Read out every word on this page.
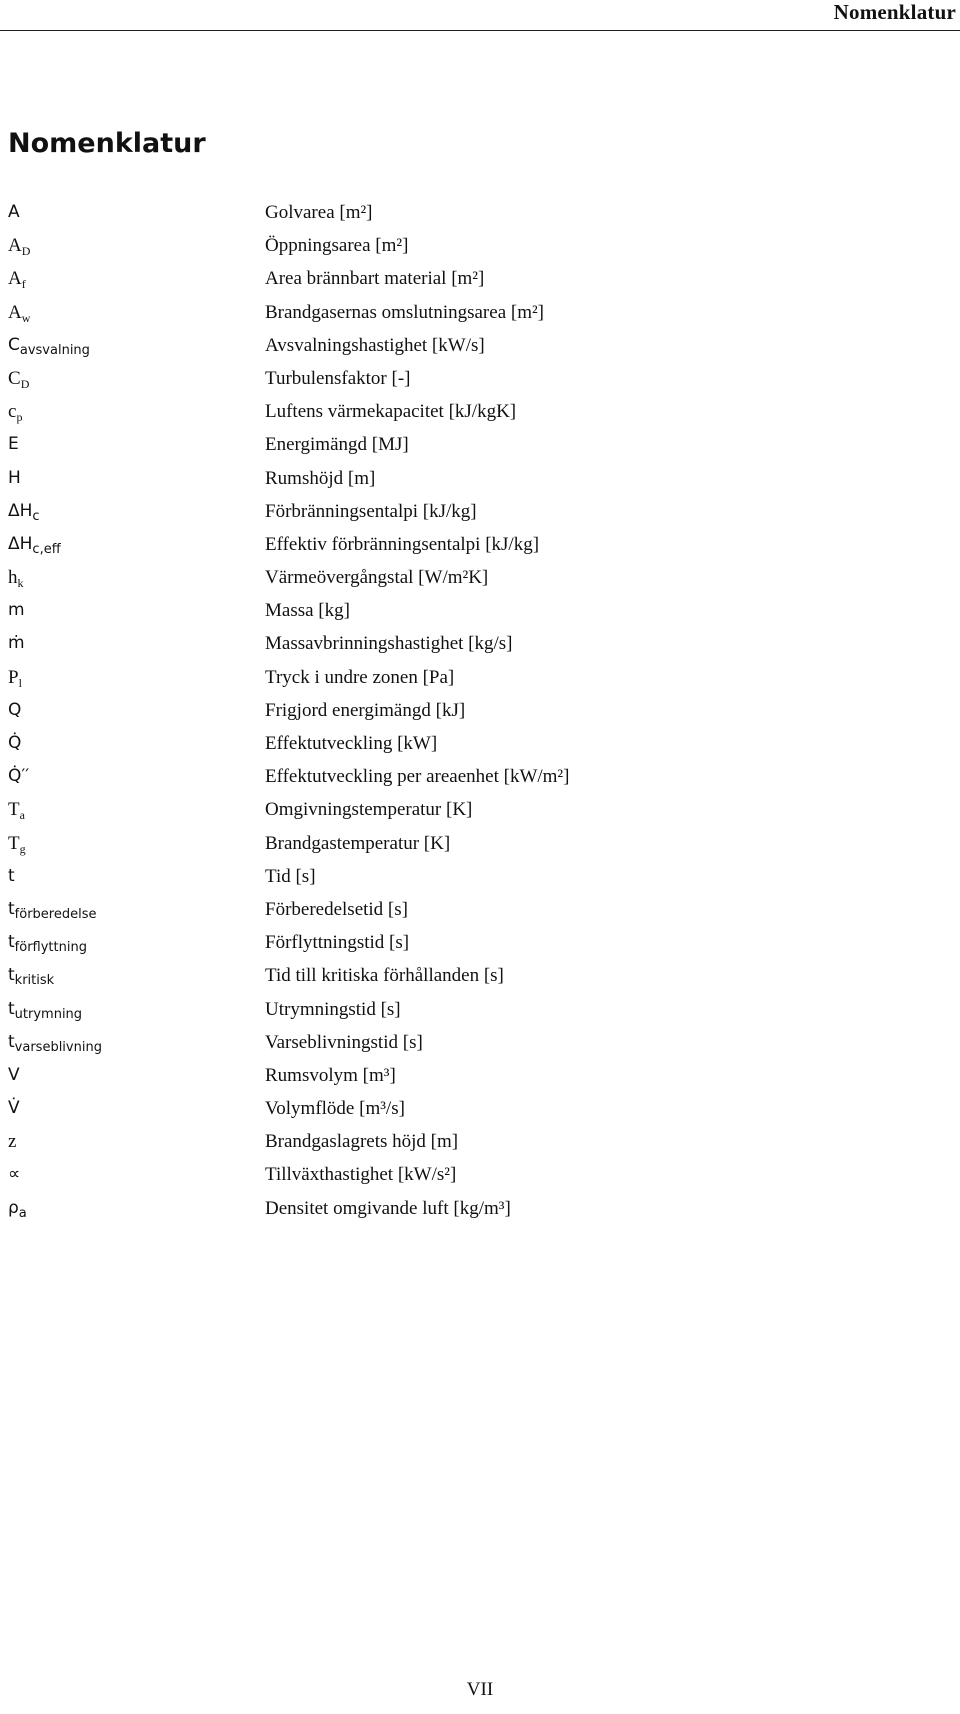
Nomenklatur
Nomenklatur
A	Golvarea [m²]
$A_D$	Öppningsarea [m²]
$A_f$	Area brännbart material [m²]
$A_w$	Brandgasernas omslutningsarea [m²]
$C_{avsvalning}$	Avsvalningshastighet [kW/s]
$C_D$	Turbulensfaktor [-]
$c_p$	Luftens värmekapacitet [kJ/kgK]
E	Energimängd [MJ]
H	Rumshöjd [m]
$\Delta H_c$	Förbränningsentalpi [kJ/kg]
$\Delta H_{c,eff}$	Effektiv förbränningsentalpi [kJ/kg]
$h_k$	Värmeövergångstal [W/m²K]
m	Massa [kg]
ṁ	Massavbrinningshastighet [kg/s]
$P_l$	Tryck i undre zonen [Pa]
Q	Frigjord energimängd [kJ]
Q̇	Effektutveckling [kW]
Q̇′′	Effektutveckling per areaenhet [kW/m²]
$T_a$	Omgivningstemperatur [K]
$T_g$	Brandgastemperatur [K]
t	Tid [s]
$t_{förberedelse}$	Förberedelsetid [s]
$t_{förflyttning}$	Förflyttningstid [s]
$t_{kritisk}$	Tid till kritiska förhållanden [s]
$t_{utrymning}$	Utrymningstid [s]
$t_{varseblivning}$	Varseblivningstid [s]
V	Rumsvolym [m³]
V̇	Volymflöde [m³/s]
z	Brandgaslagrets höjd [m]
∝	Tillväxthastighet [kW/s²]
$\rho_a$	Densitet omgivande luft [kg/m³]
VII
